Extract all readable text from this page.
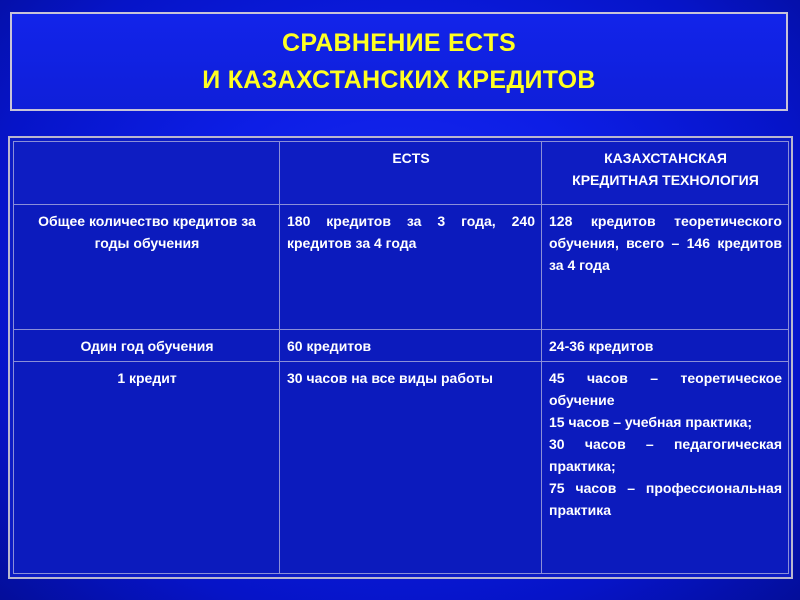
СРАВНЕНИЕ ECTS
И КАЗАХСТАНСКИХ КРЕДИТОВ
	ECTS	КАЗАХСТАНСКАЯ
КРЕДИТНАЯ ТЕХНОЛОГИЯ

Общее количество кредитов за годы обучения	180 кредитов за 3 года, 240 кредитов за 4 года	128 кредитов теоретического обучения, всего – 146 кредитов за 4 года
Один год обучения	60 кредитов	24-36 кредитов
1 кредит	30 часов на все виды работы	45 часов – теоретическое обучение
15 часов – учебная практика;
30 часов – педагогическая практика;
75 часов – профессиональная практика
